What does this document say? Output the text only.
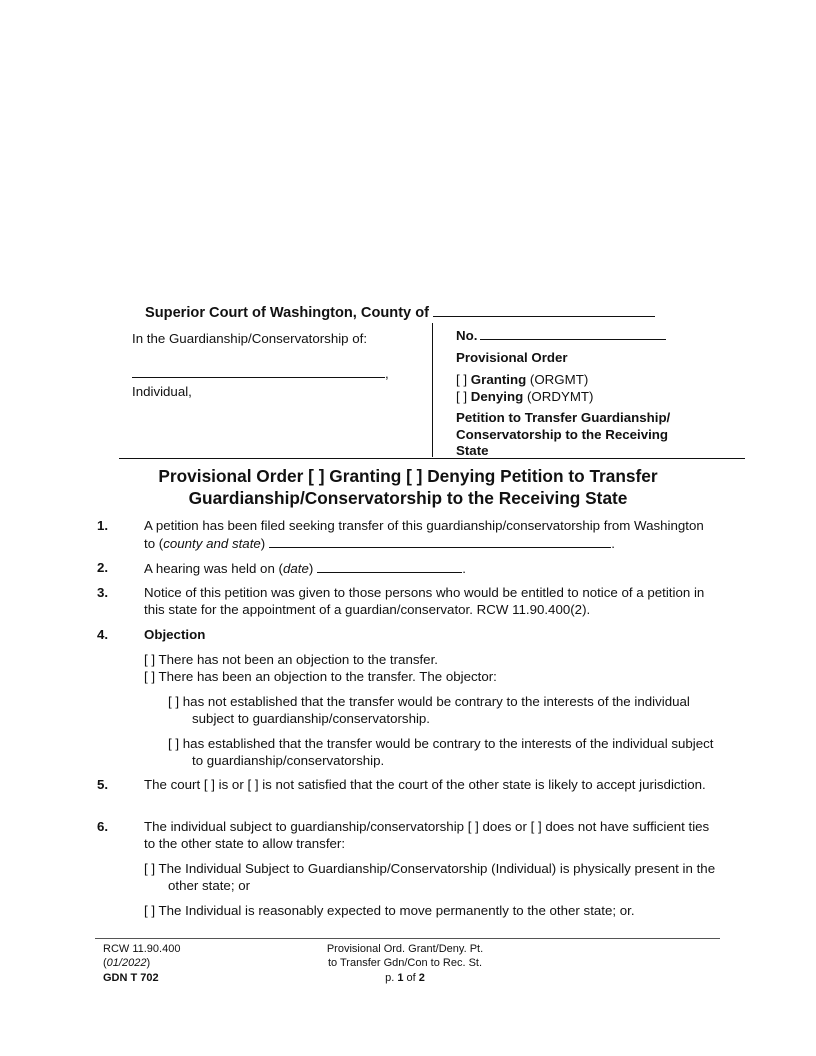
Superior Court of Washington, County of
In the Guardianship/Conservatorship of:
,
Individual,
No.
Provisional Order
[ ] Granting (ORGMT)
[ ] Denying (ORDYMT)
Petition to Transfer Guardianship/
Conservatorship to the Receiving
State
Provisional Order [ ] Granting [ ] Denying Petition to Transfer
Guardianship/Conservatorship to the Receiving State
1.	A petition has been filed seeking transfer of this guardianship/conservatorship from Washington to (county and state)	.
2.	A hearing was held on (date)	.
3.	Notice of this petition was given to those persons who would be entitled to notice of a petition in this state for the appointment of a guardian/conservator. RCW 11.90.400(2).
4.	Objection
[ ] There has not been an objection to the transfer.
[ ] There has been an objection to the transfer. The objector:
[ ] has not established that the transfer would be contrary to the interests of the individual subject to guardianship/conservatorship.
[ ] has established that the transfer would be contrary to the interests of the individual subject to guardianship/conservatorship.
5.	The court [ ] is or [ ] is not satisfied that the court of the other state is likely to accept jurisdiction.
6.	The individual subject to guardianship/conservatorship [ ] does or [ ] does not have sufficient ties to the other state to allow transfer:
[ ] The Individual Subject to Guardianship/Conservatorship (Individual) is physically present in the other state; or
[ ] The Individual is reasonably expected to move permanently to the other state; or.
RCW 11.90.400
(01/2022)
GDN T 702
Provisional Ord. Grant/Deny. Pt.
to Transfer Gdn/Con to Rec. St.
p. 1 of 2
